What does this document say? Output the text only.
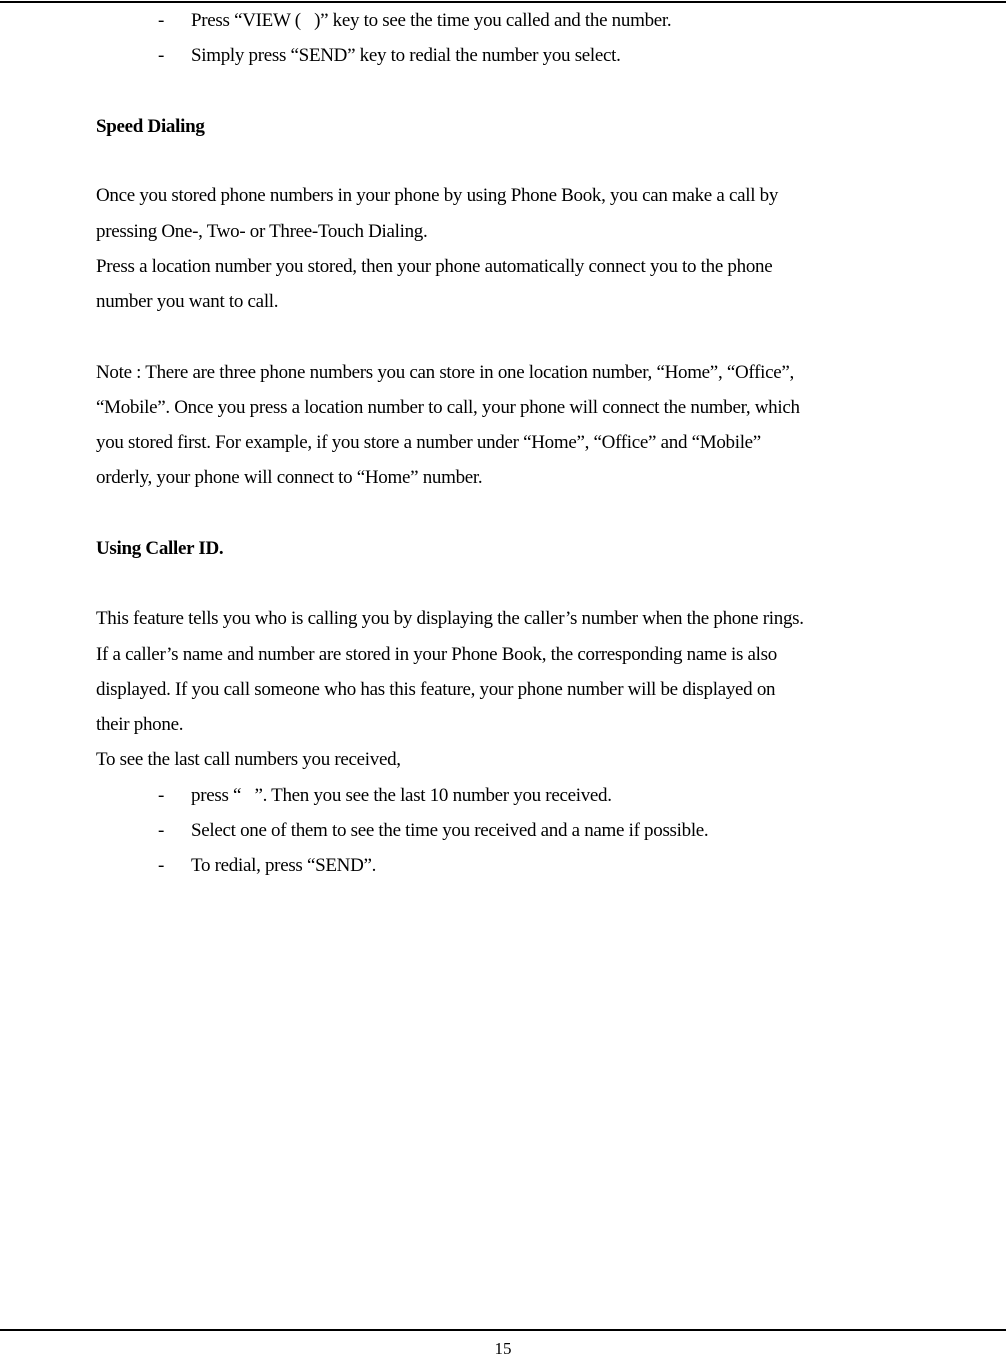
- Press “VIEW (   )” key to see the time you called and the number.
- Simply press “SEND” key to redial the number you select.
Speed Dialing
Once you stored phone numbers in your phone by using Phone Book, you can make a call by
pressing One-, Two- or Three-Touch Dialing.
Press a location number you stored, then your phone automatically connect you to the phone
number you want to call.
Note : There are three phone numbers you can store in one location number, “Home”, “Office”,
“Mobile”. Once you press a location number to call, your phone will connect the number, which
you stored first. For example, if you store a number under “Home”, “Office” and “Mobile”
orderly, your phone will connect to “Home” number.
Using Caller ID.
This feature tells you who is calling you by displaying the caller’s number when the phone rings.
If a caller’s name and number are stored in your Phone Book, the corresponding name is also
displayed. If you call someone who has this feature, your phone number will be displayed on
their phone.
To see the last call numbers you received,
- press “   ”. Then you see the last 10 number you received.
- Select one of them to see the time you received and a name if possible.
- To redial, press “SEND”.
15
